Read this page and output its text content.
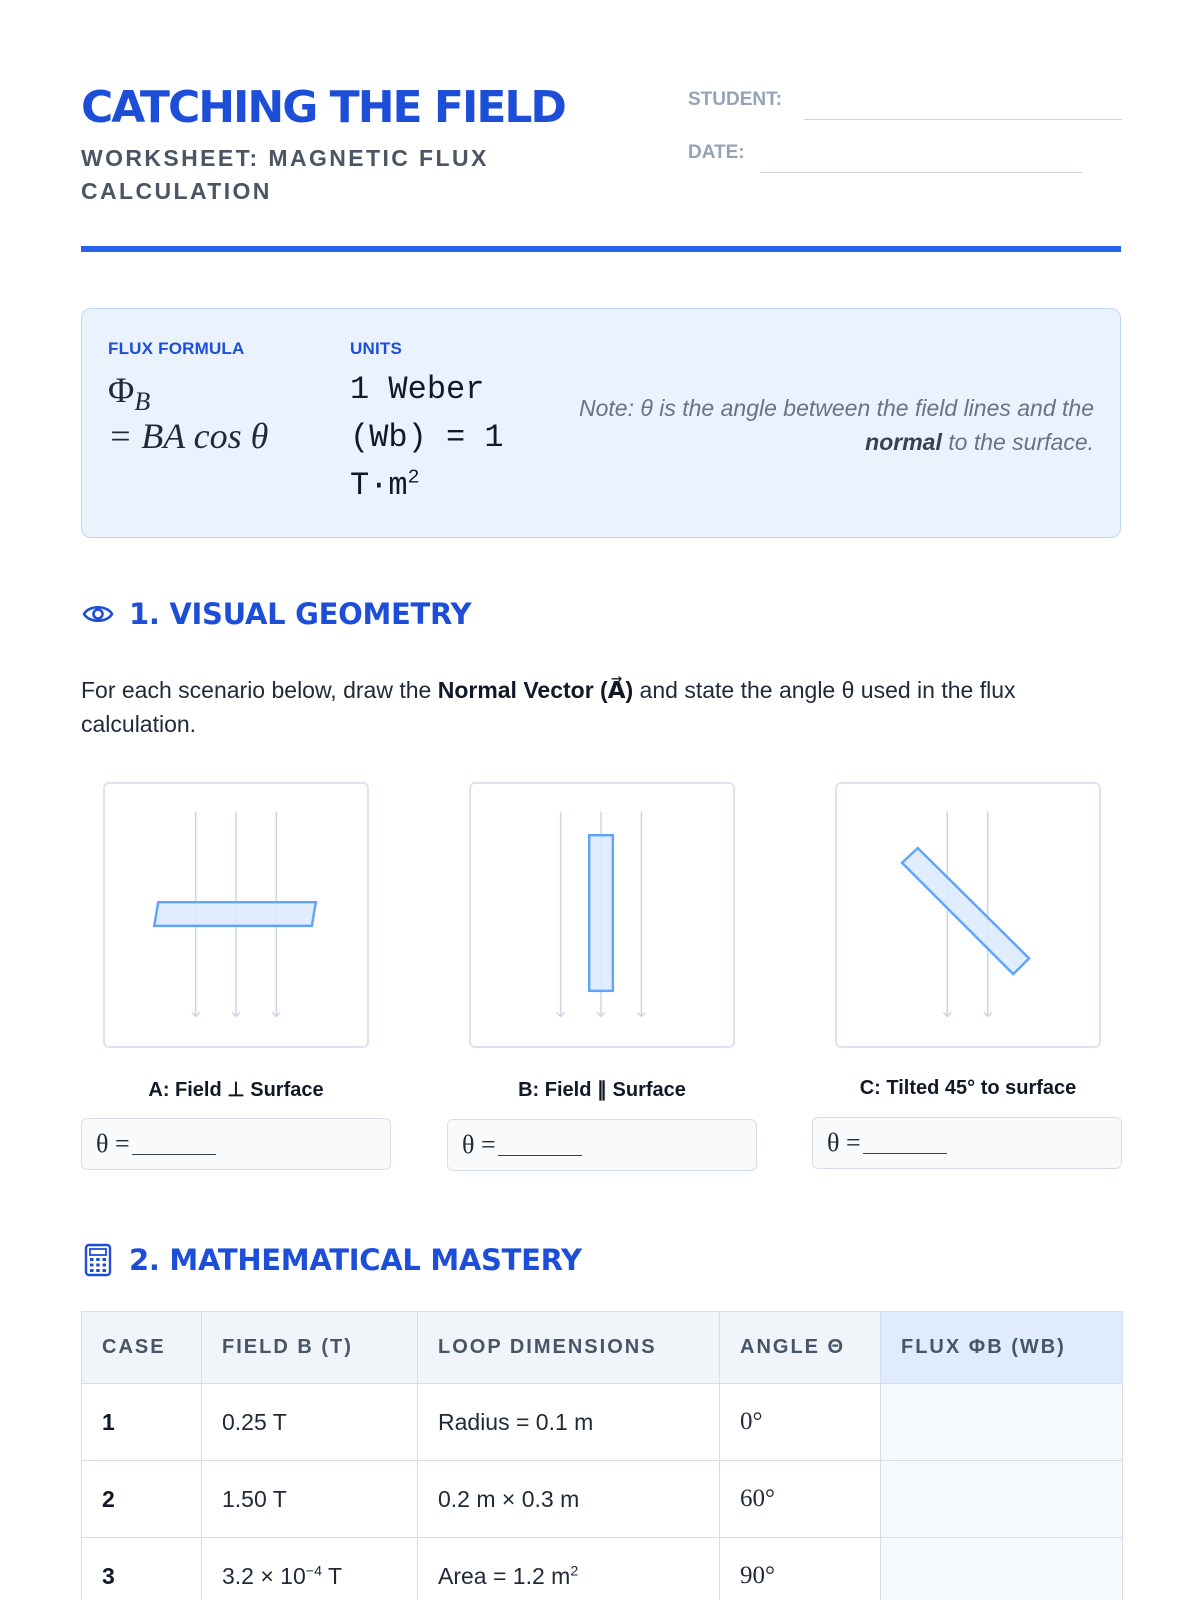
CATCHING THE FIELD
WORKSHEET: MAGNETIC FLUX CALCULATION
STUDENT:
DATE:
FLUX FORMULA
$\Phi_B$
= BA cos θ
UNITS
1 Weber
(Wb) = 1
$T\cdot m^2$
Note: θ is the angle between the field lines and the normal to the surface.
1. VISUAL GEOMETRY
For each scenario below, draw the Normal Vector (A⃗) and state the angle θ used in the flux calculation.
A: Field ⊥ Surface
θ =
B: Field ∥ Surface
θ =
C: Tilted 45° to surface
θ =
2. MATHEMATICAL MASTERY
CASE	FIELD B (T)	LOOP DIMENSIONS	ANGLE Θ	FLUX ΦB (WB)
1	0.25 T	Radius = 0.1 m	0°	
2	1.50 T	0.2 m × 0.3 m	60°	
3	$3.2 \times 10^{-4}$ T	Area = 1.2 $m^2$	90°	
